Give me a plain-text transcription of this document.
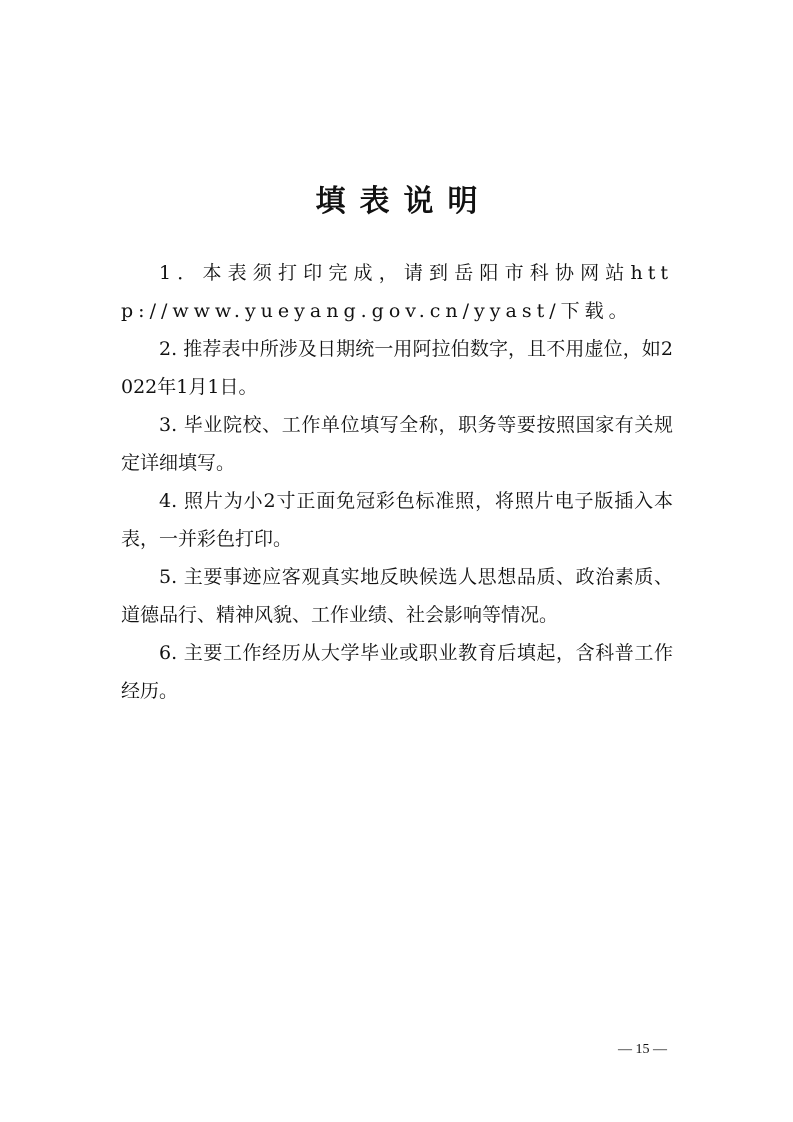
填表说明

1．本表须打印完成，请到岳阳市科协网站http://www.yueyang.gov.cn/yyast/下载。

2. 推荐表中所涉及日期统一用阿拉伯数字，且不用虚位，如2022年1月1日。

3. 毕业院校、工作单位填写全称，职务等要按照国家有关规定详细填写。

4. 照片为小2寸正面免冠彩色标准照，将照片电子版插入本表，一并彩色打印。

5. 主要事迹应客观真实地反映候选人思想品质、政治素质、道德品行、精神风貌、工作业绩、社会影响等情况。

6. 主要工作经历从大学毕业或职业教育后填起，含科普工作经历。

— 15 —
